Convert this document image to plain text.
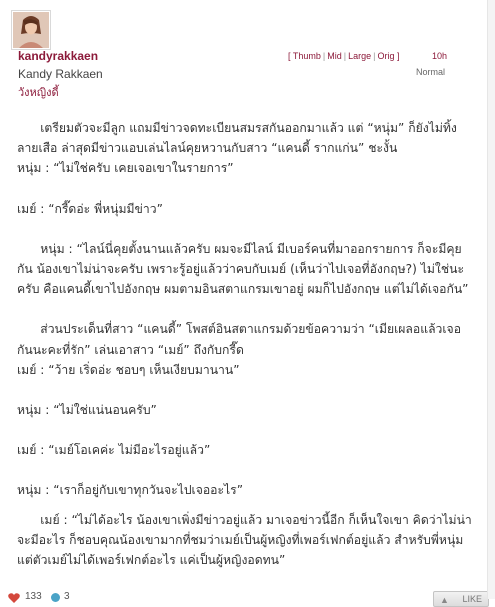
kandyrakkaen
Kandy Rakkaen
วังหญิงดี้
[ Thumb | Mid | Large | Orig ]	10h
Normal

เตรียมตัวจะมีลูก แถมมีข่าวจดทะเบียนสมรสกันออกมาแล้ว แต่ “หนุ่ม” ก็ยังไม่ทิ้งลายเสือ ล่าสุดมีข่าวแอบเล่นไลน์คุยหวานกับสาว “แคนดี้ รากแก่น” ชะงั้น

หนุ่ม : “ไม่ใช่ครับ เคยเจอเขาในรายการ”

เมย์ : “กรี๊ดอ่ะ พี่หนุ่มมีข่าว”

หนุ่ม : “ไลน์นี่คุยตั้งนานแล้วครับ ผมจะมีไลน์ มีเบอร์คนที่มาออกรายการ ก็จะมีคุยกัน น้องเขาไม่น่าจะครับ เพราะรู้อยู่แล้วว่าคบกับเมย์ (เห็นว่าไปเจอที่อังกฤษ?) ไม่ใช่นะครับ คือแคนดี้เขาไปอังกฤษ ผมตามอินสตาแกรมเขาอยู่ ผมก็ไปอังกฤษ แต่ไม่ได้เจอกัน”

ส่วนประเด็นที่สาว “แคนดี้” โพสต์อินสตาแกรมด้วยข้อความว่า “เมียเผลอแล้วเจอกันนะคะที่รัก” เล่นเอาสาว “เมย์” ถึงกับกรี๊ด

เมย์ : “ว้าย เริ่ดอ่ะ ชอบๆ เห็นเงียบมานาน”

หนุ่ม : “ไม่ใช่แน่นอนครับ”

เมย์ : “เมย์โอเคค่ะ ไม่มีอะไรอยู่แล้ว”

หนุ่ม : “เราก็อยู่กับเขาทุกวันจะไปเจออะไร”

เมย์ : “ไม่ได้อะไร น้องเขาเพิ่งมีข่าวอยู่แล้ว มาเจอข่าวนี้อีก ก็เห็นใจเขา คิดว่าไม่น่าจะมีอะไร ก็ชอบคุณน้องเขามากที่ชมว่าเมย์เป็นผู้หญิงที่เพอร์เฟกต์อยู่แล้ว สำหรับพี่หนุ่ม แต่ตัวเมย์ไม่ได้เพอร์เฟกต์อะไร แค่เป็นผู้หญิงอดทน”

133 3	▲ LIKE
